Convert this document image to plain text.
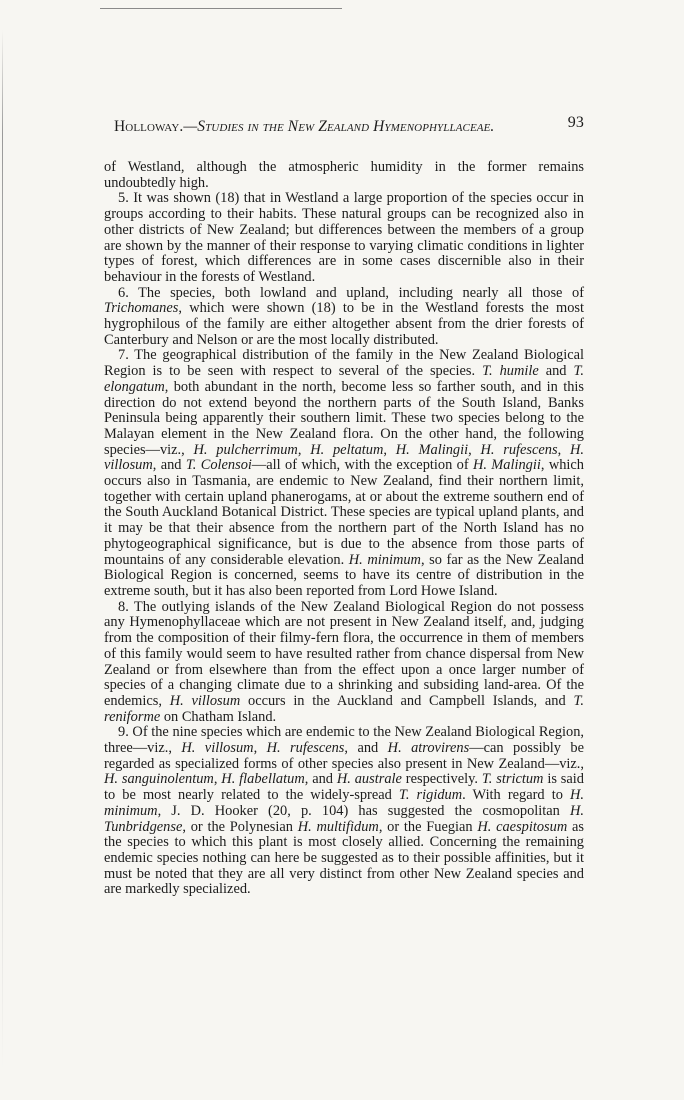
Holloway.—Studies in the New Zealand Hymenophyllaceae.	93

of Westland, although the atmospheric humidity in the former remains undoubtedly high.

5. It was shown (18) that in Westland a large proportion of the species occur in groups according to their habits. These natural groups can be recognized also in other districts of New Zealand; but differences between the members of a group are shown by the manner of their response to varying climatic conditions in lighter types of forest, which differences are in some cases discernible also in their behaviour in the forests of Westland.

6. The species, both lowland and upland, including nearly all those of Trichomanes, which were shown (18) to be in the Westland forests the most hygrophilous of the family are either altogether absent from the drier forests of Canterbury and Nelson or are the most locally distributed.

7. The geographical distribution of the family in the New Zealand Biological Region is to be seen with respect to several of the species. T. humile and T. elongatum, both abundant in the north, become less so farther south, and in this direction do not extend beyond the northern parts of the South Island, Banks Peninsula being apparently their southern limit. These two species belong to the Malayan element in the New Zealand flora. On the other hand, the following species—viz., H. pulcherrimum, H. peltatum, H. Malingii, H. rufescens, H. villosum, and T. Colensoi—all of which, with the exception of H. Malingii, which occurs also in Tasmania, are endemic to New Zealand, find their northern limit, together with certain upland phanerogams, at or about the extreme southern end of the South Auckland Botanical District. These species are typical upland plants, and it may be that their absence from the northern part of the North Island has no phytogeographical significance, but is due to the absence from those parts of mountains of any considerable elevation. H. minimum, so far as the New Zealand Biological Region is concerned, seems to have its centre of distribution in the extreme south, but it has also been reported from Lord Howe Island.

8. The outlying islands of the New Zealand Biological Region do not possess any Hymenophyllaceae which are not present in New Zealand itself, and, judging from the composition of their filmy-fern flora, the occurrence in them of members of this family would seem to have resulted rather from chance dispersal from New Zealand or from elsewhere than from the effect upon a once larger number of species of a changing climate due to a shrinking and subsiding land-area. Of the endemics, H. villosum occurs in the Auckland and Campbell Islands, and T. reniforme on Chatham Island.

9. Of the nine species which are endemic to the New Zealand Biological Region, three—viz., H. villosum, H. rufescens, and H. atrovirens—can possibly be regarded as specialized forms of other species also present in New Zealand—viz., H. sanguinolentum, H. flabellatum, and H. australe respectively. T. strictum is said to be most nearly related to the widely-spread T. rigidum. With regard to H. minimum, J. D. Hooker (20, p. 104) has suggested the cosmopolitan H. Tunbridgense, or the Polynesian H. multifidum, or the Fuegian H. caespitosum as the species to which this plant is most closely allied. Concerning the remaining endemic species nothing can here be suggested as to their possible affinities, but it must be noted that they are all very distinct from other New Zealand species and are markedly specialized.
